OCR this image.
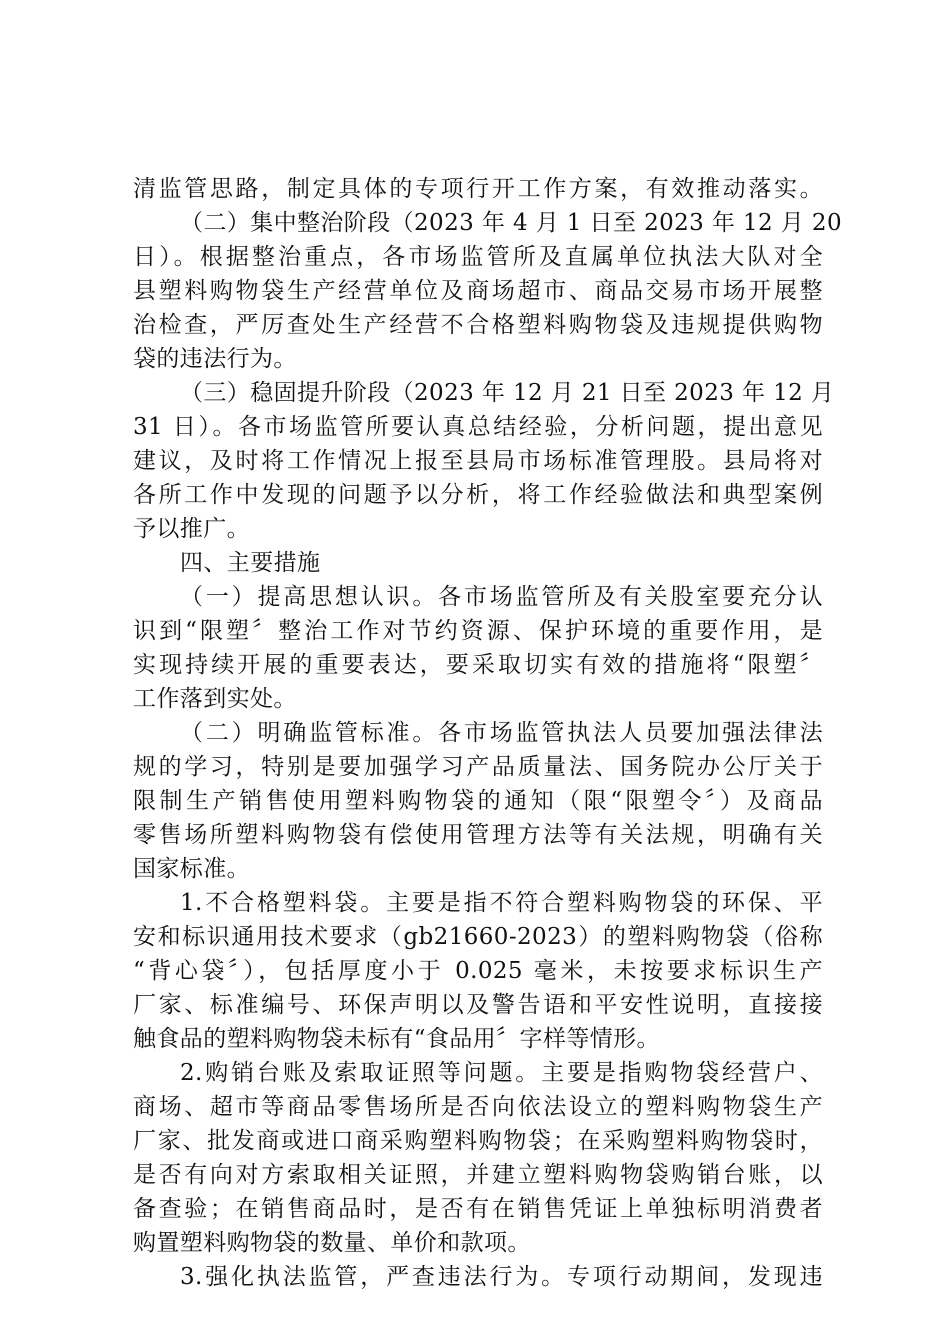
清监管思路，制定具体的专项行开工作方案，有效推动落实。
（二）集中整治阶段（2023 年 4 月 1 日至 2023 年 12 月 20
日）。根据整治重点，各市场监管所及直属单位执法大队对全
县塑料购物袋生产经营单位及商场超市、商品交易市场开展整
治检查，严厉查处生产经营不合格塑料购物袋及违规提供购物
袋的违法行为。
（三）稳固提升阶段（2023 年 12 月 21 日至 2023 年 12 月
31 日）。各市场监管所要认真总结经验，分析问题，提出意见
建议，及时将工作情况上报至县局市场标准管理股。县局将对
各所工作中发现的问题予以分析，将工作经验做法和典型案例
予以推广。
四、主要措施
（一）提高思想认识。各市场监管所及有关股室要充分认
识到“限塑〞整治工作对节约资源、保护环境的重要作用，是
实现持续开展的重要表达，要采取切实有效的措施将“限塑〞
工作落到实处。
（二）明确监管标准。各市场监管执法人员要加强法律法
规的学习，特别是要加强学习产品质量法、国务院办公厅关于
限制生产销售使用塑料购物袋的通知（限“限塑令〞）及商品
零售场所塑料购物袋有偿使用管理方法等有关法规，明确有关
国家标准。
1.不合格塑料袋。主要是指不符合塑料购物袋的环保、平
安和标识通用技术要求（gb21660-2023）的塑料购物袋（俗称
“背心袋〞），包括厚度小于 0.025 毫米，未按要求标识生产
厂家、标准编号、环保声明以及警告语和平安性说明，直接接
触食品的塑料购物袋未标有“食品用〞字样等情形。
2.购销台账及索取证照等问题。主要是指购物袋经营户、
商场、超市等商品零售场所是否向依法设立的塑料购物袋生产
厂家、批发商或进口商采购塑料购物袋；在采购塑料购物袋时，
是否有向对方索取相关证照，并建立塑料购物袋购销台账，以
备查验；在销售商品时，是否有在销售凭证上单独标明消费者
购置塑料购物袋的数量、单价和款项。
3.强化执法监管，严查违法行为。专项行动期间，发现违
